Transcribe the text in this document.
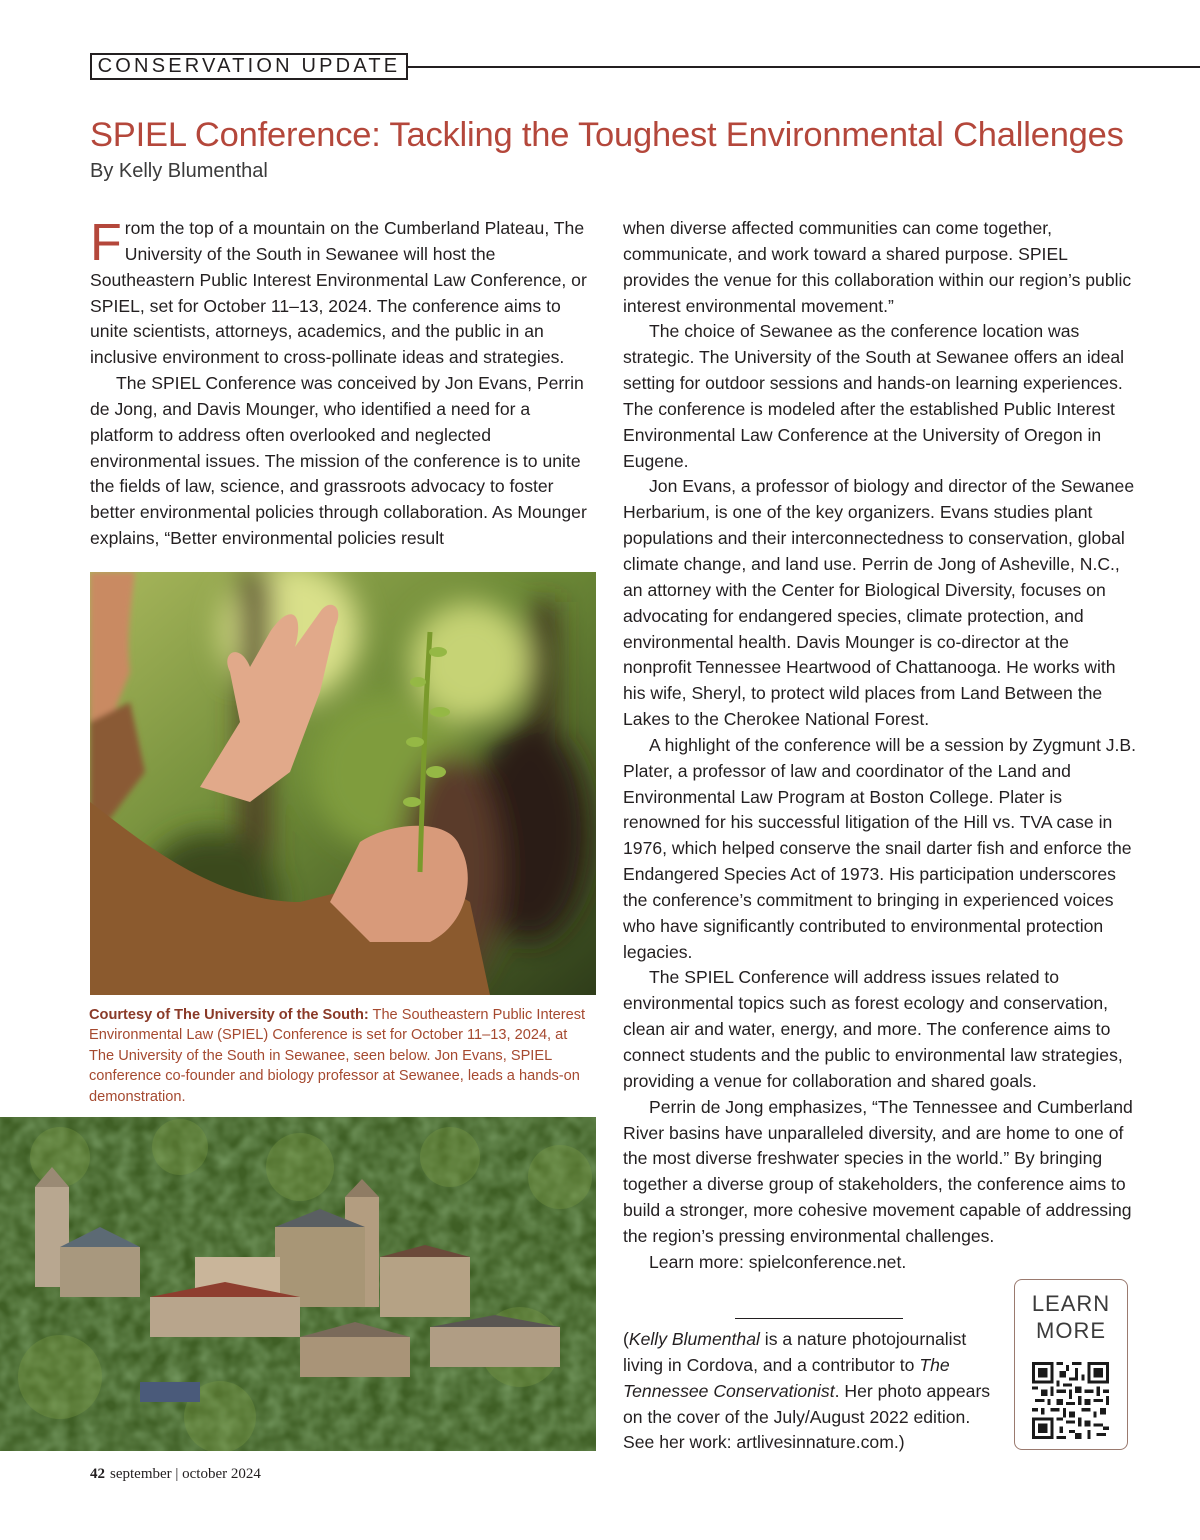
CONSERVATION UPDATE
SPIEL Conference: Tackling the Toughest Environmental Challenges
By Kelly Blumenthal

From the top of a mountain on the Cumberland Plateau, The University of the South in Sewanee will host the Southeastern Public Interest Environmental Law Conference, or SPIEL, set for October 11–13, 2024. The conference aims to unite scientists, attorneys, academics, and the public in an inclusive environment to cross-pollinate ideas and strategies.

The SPIEL Conference was conceived by Jon Evans, Perrin de Jong, and Davis Mounger, who identified a need for a platform to address often overlooked and neglected environmental issues. The mission of the conference is to unite the fields of law, science, and grassroots advocacy to foster better environmental policies through collaboration. As Mounger explains, “Better environmental policies result

Courtesy of The University of the South: The Southeastern Public Interest Environmental Law (SPIEL) Conference is set for October 11–13, 2024, at The University of the South in Sewanee, seen below. Jon Evans, SPIEL conference co-founder and biology professor at Sewanee, leads a hands-on demonstration.

when diverse affected communities can come together, communicate, and work toward a shared purpose. SPIEL provides the venue for this collaboration within our region’s public interest environmental movement.”

The choice of Sewanee as the conference location was strategic. The University of the South at Sewanee offers an ideal setting for outdoor sessions and hands-on learning experiences. The conference is modeled after the established Public Interest Environmental Law Conference at the University of Oregon in Eugene.

Jon Evans, a professor of biology and director of the Sewanee Herbarium, is one of the key organizers. Evans studies plant populations and their interconnectedness to conservation, global climate change, and land use. Perrin de Jong of Asheville, N.C., an attorney with the Center for Biological Diversity, focuses on advocating for endangered species, climate protection, and environmental health. Davis Mounger is co-director at the nonprofit Tennessee Heartwood of Chattanooga. He works with his wife, Sheryl, to protect wild places from Land Between the Lakes to the Cherokee National Forest.

A highlight of the conference will be a session by Zygmunt J.B. Plater, a professor of law and coordinator of the Land and Environmental Law Program at Boston College. Plater is renowned for his successful litigation of the Hill vs. TVA case in 1976, which helped conserve the snail darter fish and enforce the Endangered Species Act of 1973. His participation underscores the conference’s commitment to bringing in experienced voices who have significantly contributed to environmental protection legacies.

The SPIEL Conference will address issues related to environmental topics such as forest ecology and conservation, clean air and water, energy, and more. The conference aims to connect students and the public to environmental law strategies, providing a venue for collaboration and shared goals.

Perrin de Jong emphasizes, “The Tennessee and Cumberland River basins have unparalleled diversity, and are home to one of the most diverse freshwater species in the world.” By bringing together a diverse group of stakeholders, the conference aims to build a stronger, more cohesive movement capable of addressing the region’s pressing environmental challenges.

Learn more: spielconference.net.

(Kelly Blumenthal is a nature photojournalist living in Cordova, and a contributor to The Tennessee Conservationist. Her photo appears on the cover of the July/August 2022 edition. See her work: artlivesinnature.com.)
LEARN
MORE
42 september | october 2024
